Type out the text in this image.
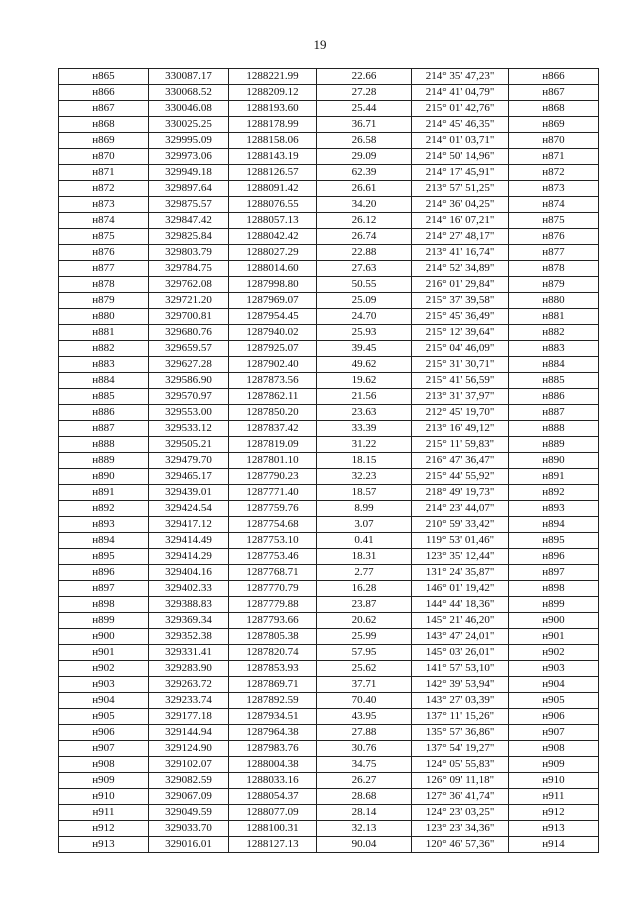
19
н865	330087.17	1288221.99	22.66	214° 35' 47,23"	н866
н866	330068.52	1288209.12	27.28	214° 41' 04,79"	н867
н867	330046.08	1288193.60	25.44	215° 01' 42,76"	н868
н868	330025.25	1288178.99	36.71	214° 45' 46,35"	н869
н869	329995.09	1288158.06	26.58	214° 01' 03,71"	н870
н870	329973.06	1288143.19	29.09	214° 50' 14,96"	н871
н871	329949.18	1288126.57	62.39	214° 17' 45,91"	н872
н872	329897.64	1288091.42	26.61	213° 57' 51,25"	н873
н873	329875.57	1288076.55	34.20	214° 36' 04,25"	н874
н874	329847.42	1288057.13	26.12	214° 16' 07,21"	н875
н875	329825.84	1288042.42	26.74	214° 27' 48,17"	н876
н876	329803.79	1288027.29	22.88	213° 41' 16,74"	н877
н877	329784.75	1288014.60	27.63	214° 52' 34,89"	н878
н878	329762.08	1287998.80	50.55	216° 01' 29,84"	н879
н879	329721.20	1287969.07	25.09	215° 37' 39,58"	н880
н880	329700.81	1287954.45	24.70	215° 45' 36,49"	н881
н881	329680.76	1287940.02	25.93	215° 12' 39,64"	н882
н882	329659.57	1287925.07	39.45	215° 04' 46,09"	н883
н883	329627.28	1287902.40	49.62	215° 31' 30,71"	н884
н884	329586.90	1287873.56	19.62	215° 41' 56,59"	н885
н885	329570.97	1287862.11	21.56	213° 31' 37,97"	н886
н886	329553.00	1287850.20	23.63	212° 45' 19,70"	н887
н887	329533.12	1287837.42	33.39	213° 16' 49,12"	н888
н888	329505.21	1287819.09	31.22	215° 11' 59,83"	н889
н889	329479.70	1287801.10	18.15	216° 47' 36,47"	н890
н890	329465.17	1287790.23	32.23	215° 44' 55,92"	н891
н891	329439.01	1287771.40	18.57	218° 49' 19,73"	н892
н892	329424.54	1287759.76	8.99	214° 23' 44,07"	н893
н893	329417.12	1287754.68	3.07	210° 59' 33,42"	н894
н894	329414.49	1287753.10	0.41	119° 53' 01,46"	н895
н895	329414.29	1287753.46	18.31	123° 35' 12,44"	н896
н896	329404.16	1287768.71	2.77	131° 24' 35,87"	н897
н897	329402.33	1287770.79	16.28	146° 01' 19,42"	н898
н898	329388.83	1287779.88	23.87	144° 44' 18,36"	н899
н899	329369.34	1287793.66	20.62	145° 21' 46,20"	н900
н900	329352.38	1287805.38	25.99	143° 47' 24,01"	н901
н901	329331.41	1287820.74	57.95	145° 03' 26,01"	н902
н902	329283.90	1287853.93	25.62	141° 57' 53,10"	н903
н903	329263.72	1287869.71	37.71	142° 39' 53,94"	н904
н904	329233.74	1287892.59	70.40	143° 27' 03,39"	н905
н905	329177.18	1287934.51	43.95	137° 11' 15,26"	н906
н906	329144.94	1287964.38	27.88	135° 57' 36,86"	н907
н907	329124.90	1287983.76	30.76	137° 54' 19,27"	н908
н908	329102.07	1288004.38	34.75	124° 05' 55,83"	н909
н909	329082.59	1288033.16	26.27	126° 09' 11,18"	н910
н910	329067.09	1288054.37	28.68	127° 36' 41,74"	н911
н911	329049.59	1288077.09	28.14	124° 23' 03,25"	н912
н912	329033.70	1288100.31	32.13	123° 23' 34,36"	н913
н913	329016.01	1288127.13	90.04	120° 46' 57,36"	н914
